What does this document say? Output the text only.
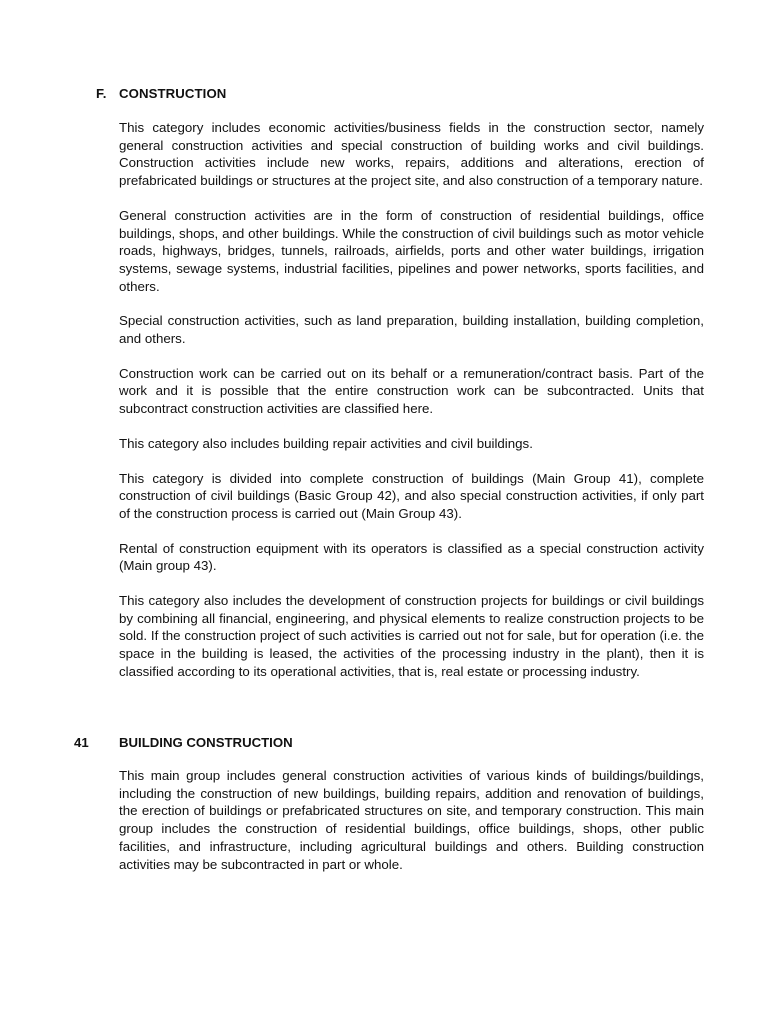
F. CONSTRUCTION

This category includes economic activities/business fields in the construction sector, namely general construction activities and special construction of building works and civil buildings. Construction activities include new works, repairs, additions and alterations, erection of prefabricated buildings or structures at the project site, and also construction of a temporary nature.

General construction activities are in the form of construction of residential buildings, office buildings, shops, and other buildings. While the construction of civil buildings such as motor vehicle roads, highways, bridges, tunnels, railroads, airfields, ports and other water buildings, irrigation systems, sewage systems, industrial facilities, pipelines and power networks, sports facilities, and others.

Special construction activities, such as land preparation, building installation, building completion, and others.

Construction work can be carried out on its behalf or a remuneration/contract basis. Part of the work and it is possible that the entire construction work can be subcontracted. Units that subcontract construction activities are classified here.

This category also includes building repair activities and civil buildings.

This category is divided into complete construction of buildings (Main Group 41), complete construction of civil buildings (Basic Group 42), and also special construction activities, if only part of the construction process is carried out (Main Group 43).

Rental of construction equipment with its operators is classified as a special construction activity (Main group 43).

This category also includes the development of construction projects for buildings or civil buildings by combining all financial, engineering, and physical elements to realize construction projects to be sold. If the construction project of such activities is carried out not for sale, but for operation (i.e. the space in the building is leased, the activities of the processing industry in the plant), then it is classified according to its operational activities, that is, real estate or processing industry.

41 BUILDING CONSTRUCTION

This main group includes general construction activities of various kinds of buildings/buildings, including the construction of new buildings, building repairs, addition and renovation of buildings, the erection of buildings or prefabricated structures on site, and temporary construction. This main group includes the construction of residential buildings, office buildings, shops, other public facilities, and infrastructure, including agricultural buildings and others. Building construction activities may be subcontracted in part or whole.
